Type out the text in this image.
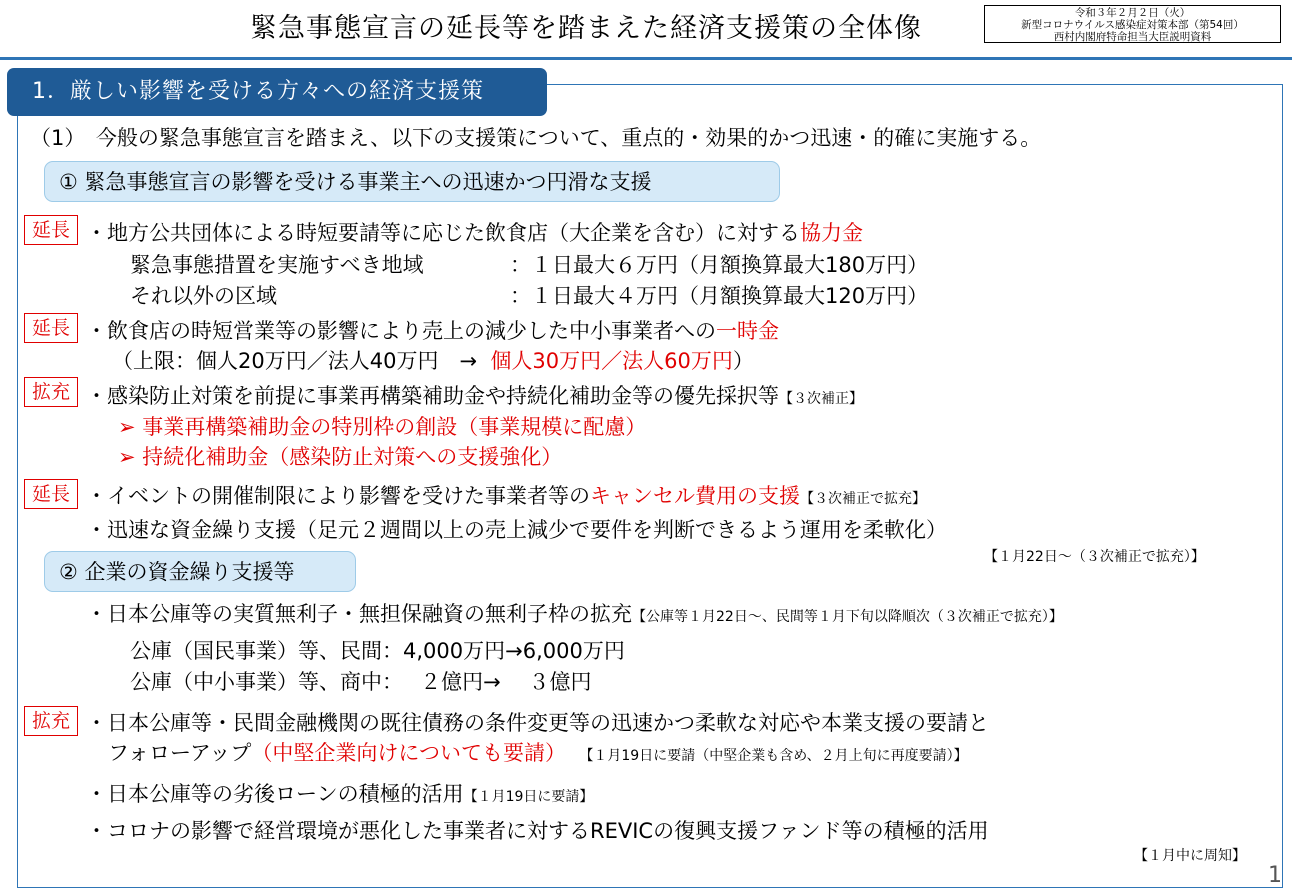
緊急事態宣言の延長等を踏まえた経済支援策の全体像	令和３年２月２日（火）
新型コロナウイルス感染症対策本部（第54回）
西村内閣府特命担当大臣説明資料
1．厳しい影響を受ける方々への経済支援策
（1）　今般の緊急事態宣言を踏まえ、以下の支援策について、重点的・効果的かつ迅速・的確に実施する。
① 緊急事態宣言の影響を受ける事業主への迅速かつ円滑な支援
延長 ・地方公共団体による時短要請等に応じた飲食店（大企業を含む）に対する協力金
緊急事態措置を実施すべき地域	：１日最大６万円（月額換算最大180万円）
それ以外の区域	：１日最大４万円（月額換算最大120万円）
延長 ・飲食店の時短営業等の影響により売上の減少した中小事業者への一時金
（上限：個人20万円／法人40万円　→ 個人30万円／法人60万円）
拡充 ・感染防止対策を前提に事業再構築補助金や持続化補助金等の優先採択等【３次補正】
➢ 事業再構築補助金の特別枠の創設（事業規模に配慮）
➢ 持続化補助金（感染防止対策への支援強化）
延長 ・イベントの開催制限により影響を受けた事業者等のキャンセル費用の支援【３次補正で拡充】
・迅速な資金繰り支援（足元２週間以上の売上減少で要件を判断できるよう運用を柔軟化）
【１月22日～（３次補正で拡充）】
② 企業の資金繰り支援等
・日本公庫等の実質無利子・無担保融資の無利子枠の拡充【公庫等１月22日～、民間等１月下旬以降順次（３次補正で拡充）】
公庫（国民事業）等、民間：4,000万円→6,000万円
公庫（中小事業）等、商中：　 ２億円→　 ３億円
拡充 ・日本公庫等・民間金融機関の既往債務の条件変更等の迅速かつ柔軟な対応や本業支援の要請と
フォローアップ（中堅企業向けについても要請） 【１月19日に要請（中堅企業も含め、２月上旬に再度要請）】
・日本公庫等の劣後ローンの積極的活用【１月19日に要請】
・コロナの影響で経営環境が悪化した事業者に対するREVICの復興支援ファンド等の積極的活用
【１月中に周知】
1
